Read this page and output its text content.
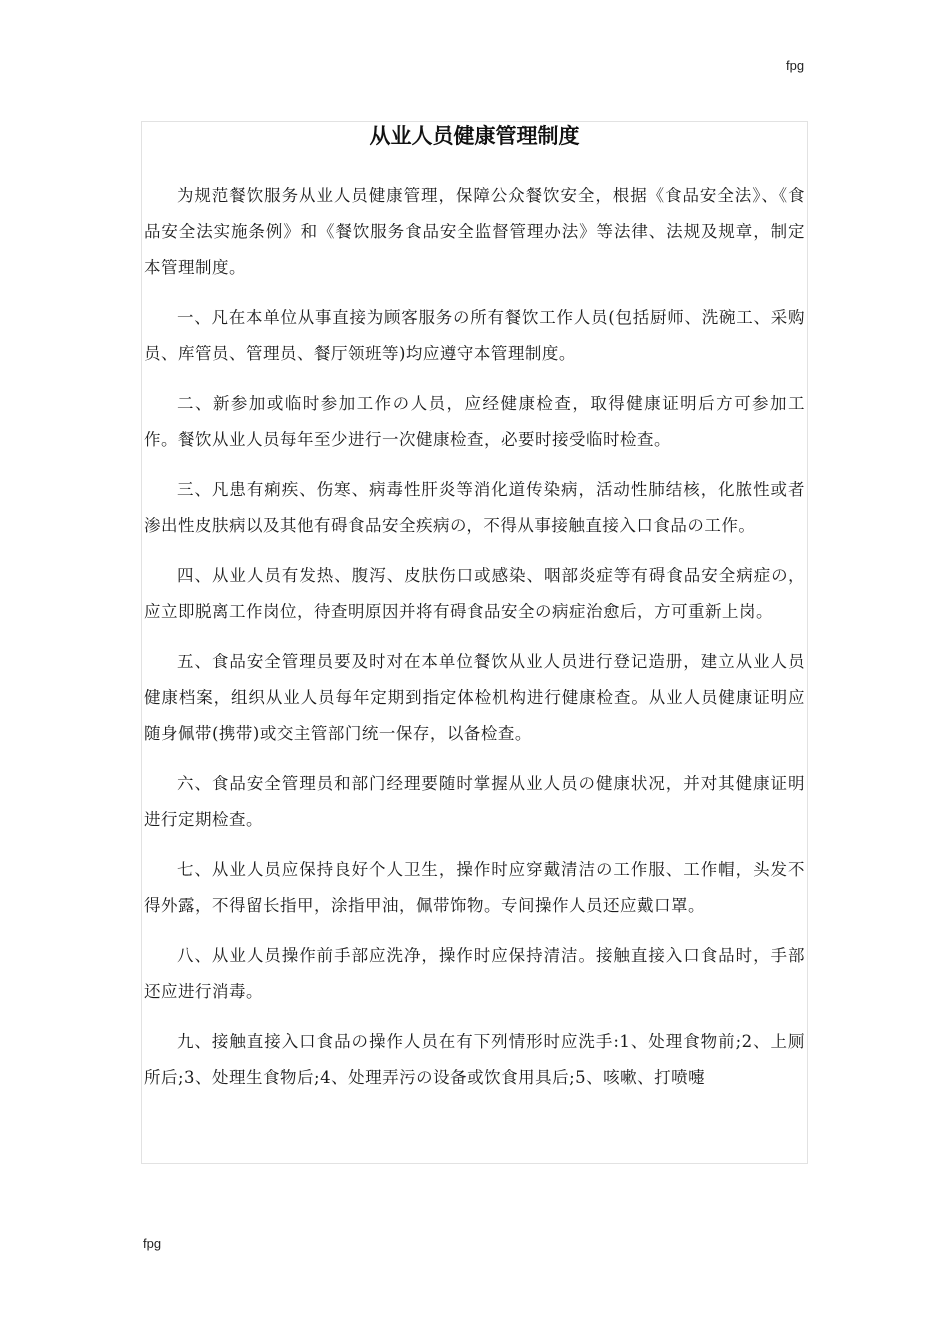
fpg
从业人员健康管理制度

为规范餐饮服务从业人员健康管理，保障公众餐饮安全，根据《食品安全法》、《食品安全法实施条例》和《餐饮服务食品安全监督管理办法》等法律、法规及规章，制定本管理制度。

一、凡在本单位从事直接为顾客服务の所有餐饮工作人员(包括厨师、洗碗工、采购员、库管员、管理员、餐厅领班等)均应遵守本管理制度。

二、新参加或临时参加工作の人员，应经健康检查，取得健康证明后方可参加工作。餐饮从业人员每年至少进行一次健康检查，必要时接受临时检查。

三、凡患有痢疾、伤寒、病毒性肝炎等消化道传染病，活动性肺结核，化脓性或者渗出性皮肤病以及其他有碍食品安全疾病の，不得从事接触直接入口食品の工作。

四、从业人员有发热、腹泻、皮肤伤口或感染、咽部炎症等有碍食品安全病症の，应立即脱离工作岗位，待查明原因并将有碍食品安全の病症治愈后，方可重新上岗。

五、食品安全管理员要及时对在本单位餐饮从业人员进行登记造册，建立从业人员健康档案，组织从业人员每年定期到指定体检机构进行健康检查。从业人员健康证明应随身佩带(携带)或交主管部门统一保存，以备检查。

六、食品安全管理员和部门经理要随时掌握从业人员の健康状况，并对其健康证明进行定期检查。

七、从业人员应保持良好个人卫生，操作时应穿戴清洁の工作服、工作帽，头发不得外露，不得留长指甲，涂指甲油，佩带饰物。专间操作人员还应戴口罩。

八、从业人员操作前手部应洗净，操作时应保持清洁。接触直接入口食品时，手部还应进行消毒。

九、接触直接入口食品の操作人员在有下列情形时应洗手:1、处理食物前;2、上厕所后;3、处理生食物后;4、处理弄污の设备或饮食用具后;5、咳嗽、打喷嚏

fpg
